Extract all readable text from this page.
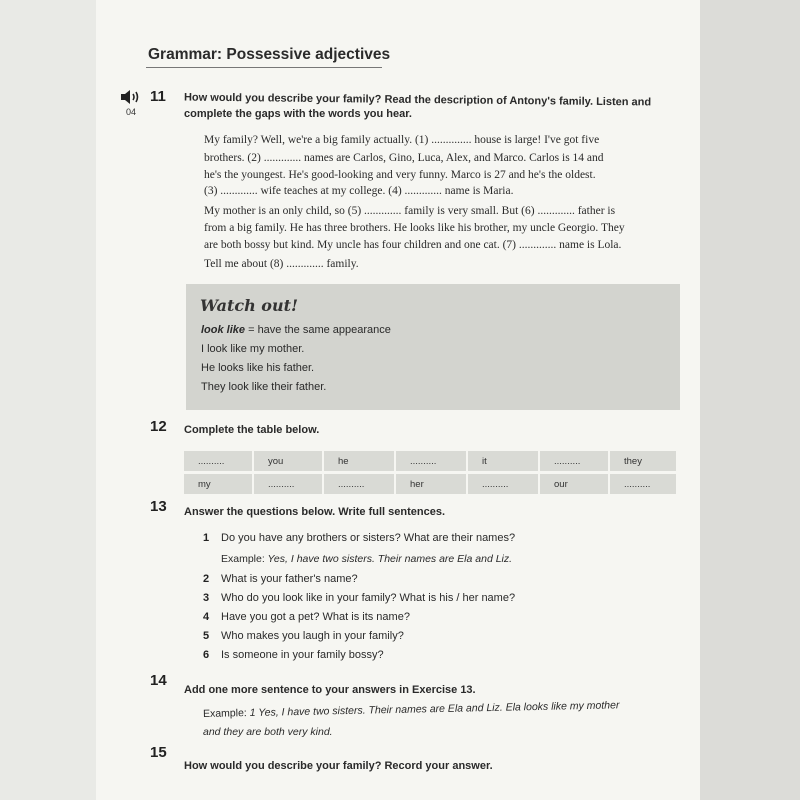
Grammar: Possessive adjectives
04
11 How would you describe your family? Read the description of Antony's family. Listen and
complete the gaps with the words you hear.
My family? Well, we're a big family actually. (1) .............. house is large! I've got five
brothers. (2) ............. names are Carlos, Gino, Luca, Alex, and Marco. Carlos is 14 and
he's the youngest. He's good-looking and very funny. Marco is 27 and he's the oldest.
(3) ............. wife teaches at my college. (4) ............. name is Maria.
My mother is an only child, so (5) ............. family is very small. But (6) ............. father is
from a big family. He has three brothers. He looks like his brother, my uncle Georgio. They
are both bossy but kind. My uncle has four children and one cat. (7) ............. name is Lola.
Tell me about (8) ............. family.
Watch out!
look like = have the same appearance
I look like my mother.
He looks like his father.
They look like their father.
12 Complete the table below.
..........	you	he	..........	it	..........	they
my	..........	..........	her	..........	our	..........
13 Answer the questions below. Write full sentences.
1 Do you have any brothers or sisters? What are their names?
Example: Yes, I have two sisters. Their names are Ela and Liz.
2 What is your father's name?
3 Who do you look like in your family? What is his / her name?
4 Have you got a pet? What is its name?
5 Who makes you laugh in your family?
6 Is someone in your family bossy?
14
Add one more sentence to your answers in Exercise 13.
Example: 1 Yes, I have two sisters. Their names are Ela and Liz. Ela looks like my mother
and they are both very kind.
15
How would you describe your family? Record your answer.
